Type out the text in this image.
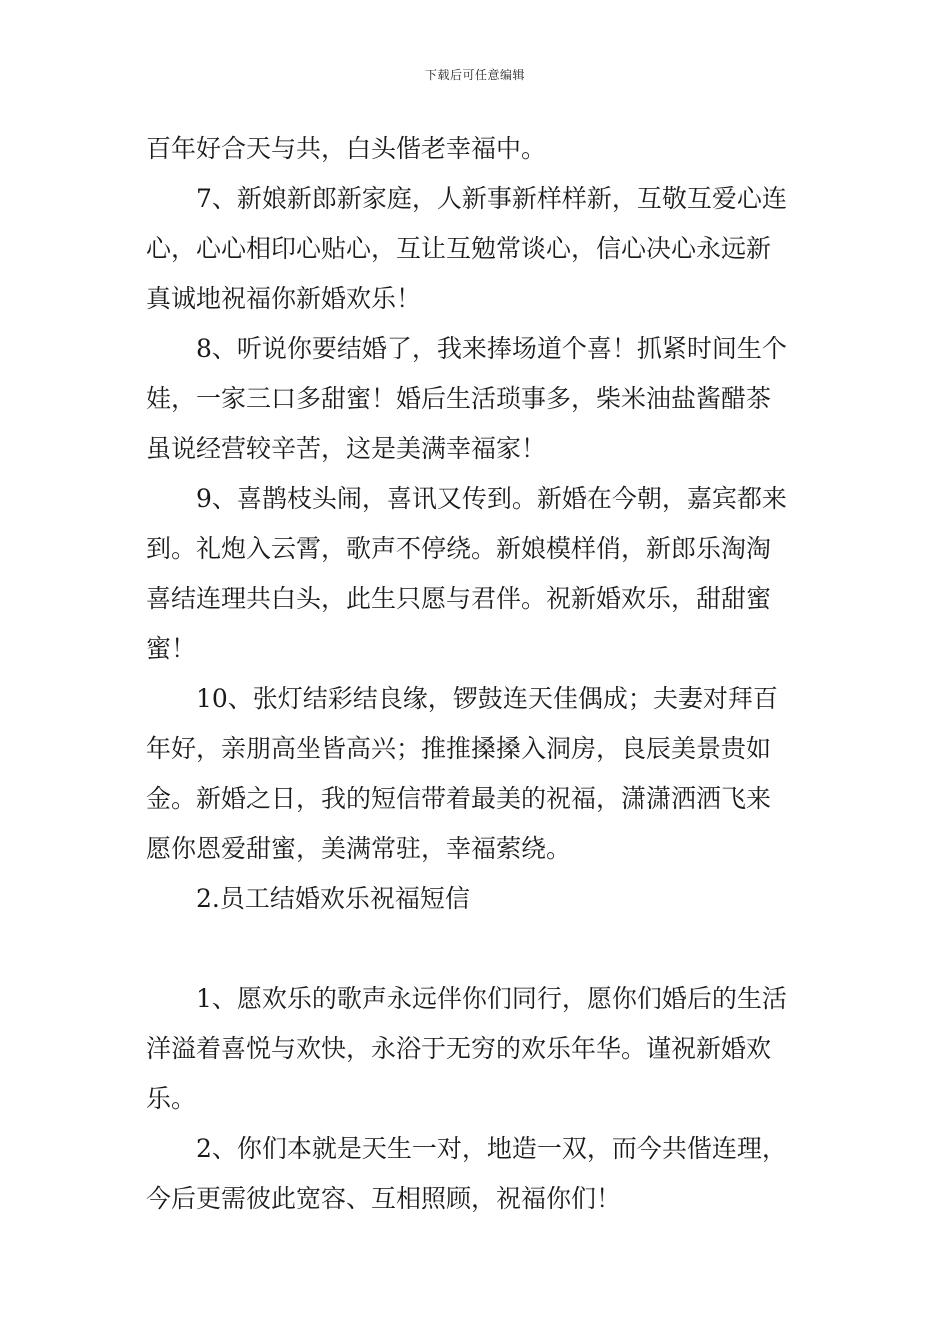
下载后可任意编辑
百年好合天与共，白头偕老幸福中。
7、新娘新郎新家庭，人新事新样样新，互敬互爱心连
心，心心相印心贴心，互让互勉常谈心，信心决心永远新
真诚地祝福你新婚欢乐！
8、听说你要结婚了，我来捧场道个喜！抓紧时间生个
娃，一家三口多甜蜜！婚后生活琐事多，柴米油盐酱醋茶
虽说经营较辛苦，这是美满幸福家！
9、喜鹊枝头闹，喜讯又传到。新婚在今朝，嘉宾都来
到。礼炮入云霄，歌声不停绕。新娘模样俏，新郎乐淘淘
喜结连理共白头，此生只愿与君伴。祝新婚欢乐，甜甜蜜
蜜！
10、张灯结彩结良缘，锣鼓连天佳偶成；夫妻对拜百
年好，亲朋高坐皆高兴；推推搡搡入洞房，良辰美景贵如
金。新婚之日，我的短信带着最美的祝福，潇潇洒洒飞来
愿你恩爱甜蜜，美满常驻，幸福萦绕。
2.员工结婚欢乐祝福短信
1、愿欢乐的歌声永远伴你们同行，愿你们婚后的生活
洋溢着喜悦与欢快，永浴于无穷的欢乐年华。谨祝新婚欢
乐。
2、你们本就是天生一对，地造一双，而今共偕连理，
今后更需彼此宽容、互相照顾，祝福你们！
